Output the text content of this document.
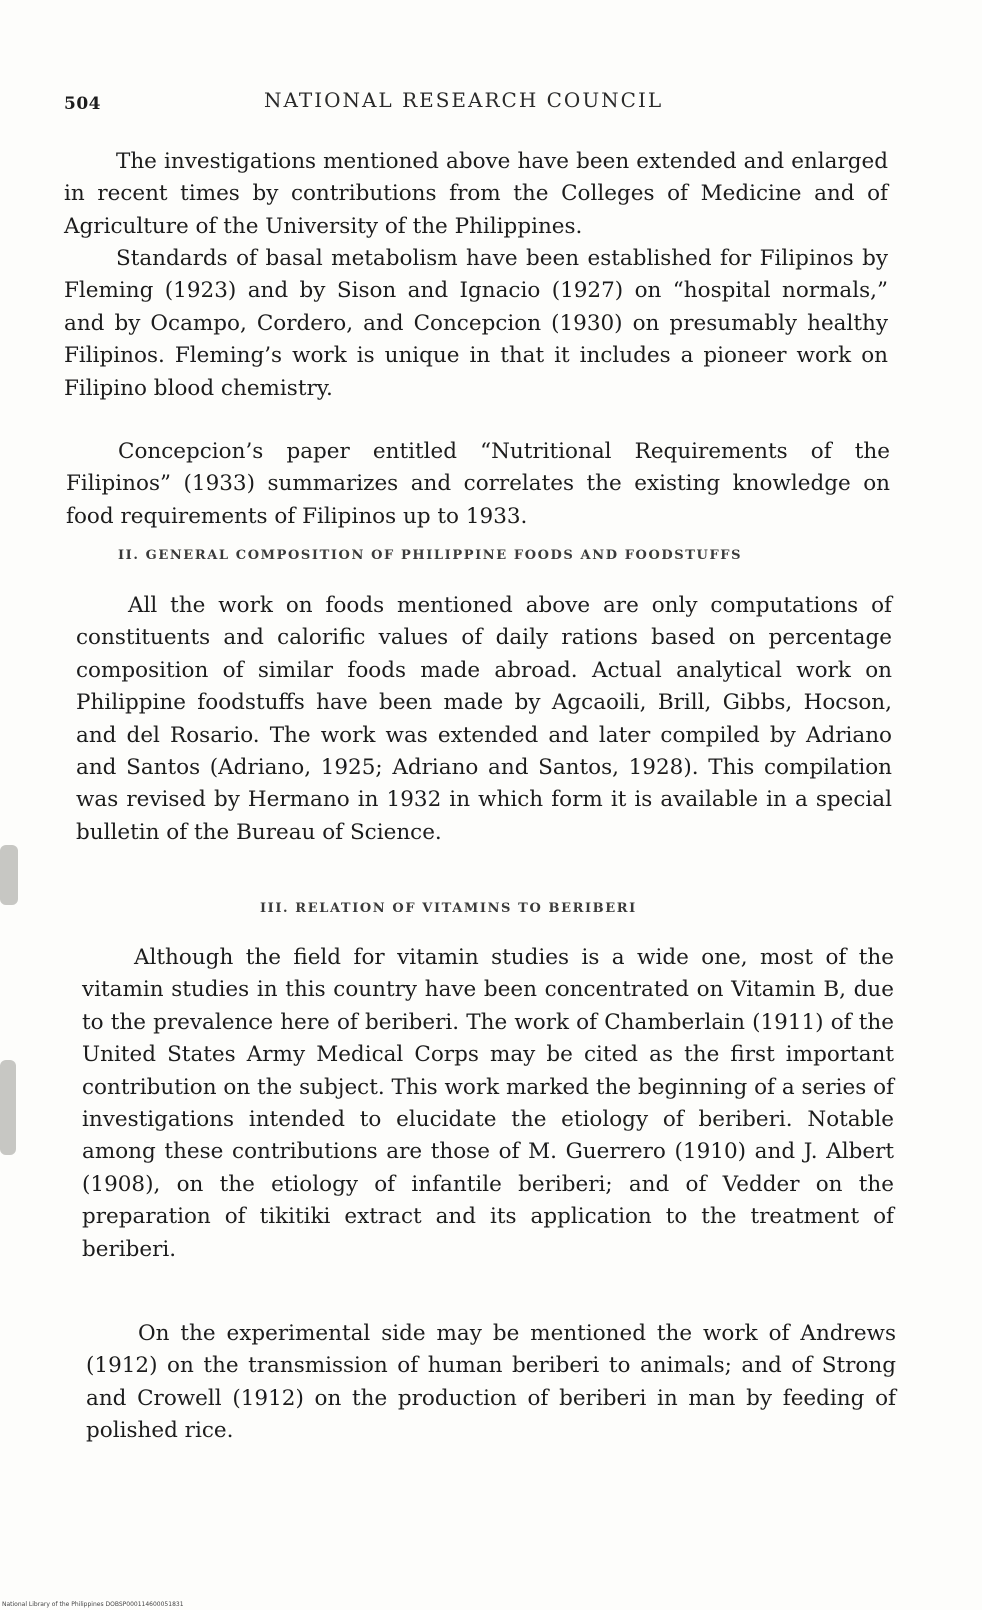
504	NATIONAL RESEARCH COUNCIL

The investigations mentioned above have been extended and enlarged in recent times by contributions from the Colleges of Medicine and of Agriculture of the University of the Philippines.

Standards of basal metabolism have been established for Filipinos by Fleming (1923) and by Sison and Ignacio (1927) on “hospital normals,” and by Ocampo, Cordero, and Concepcion (1930) on presumably healthy Filipinos. Fleming’s work is unique in that it includes a pioneer work on Filipino blood chemistry.

Concepcion’s paper entitled “Nutritional Requirements of the Filipinos” (1933) summarizes and correlates the existing knowledge on food requirements of Filipinos up to 1933.

II. GENERAL COMPOSITION OF PHILIPPINE FOODS AND FOODSTUFFS

All the work on foods mentioned above are only computations of constituents and calorific values of daily rations based on percentage composition of similar foods made abroad. Actual analytical work on Philippine foodstuffs have been made by Agcaoili, Brill, Gibbs, Hocson, and del Rosario. The work was extended and later compiled by Adriano and Santos (Adriano, 1925; Adriano and Santos, 1928). This compilation was revised by Hermano in 1932 in which form it is available in a special bulletin of the Bureau of Science.

III. RELATION OF VITAMINS TO BERIBERI

Although the field for vitamin studies is a wide one, most of the vitamin studies in this country have been concentrated on Vitamin B, due to the prevalence here of beriberi. The work of Chamberlain (1911) of the United States Army Medical Corps may be cited as the first important contribution on the subject. This work marked the beginning of a series of investigations intended to elucidate the etiology of beriberi. Notable among these contributions are those of M. Guerrero (1910) and J. Albert (1908), on the etiology of infantile beriberi; and of Vedder on the preparation of tikitiki extract and its application to the treatment of beriberi.

On the experimental side may be mentioned the work of Andrews (1912) on the transmission of human beriberi to animals; and of Strong and Crowell (1912) on the production of beriberi in man by feeding of polished rice.

National Library of the Philippines DOBSP000114600051831
